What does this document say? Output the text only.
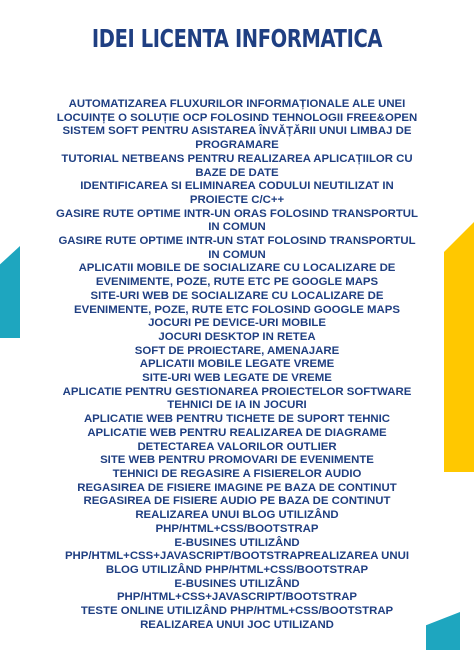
IDEI LICENTA INFORMATICA
AUTOMATIZAREA FLUXURILOR INFORMAȚIONALE ALE UNEI
LOCUINȚE O SOLUȚIE OCP FOLOSIND TEHNOLOGII FREE&OPEN
SISTEM SOFT PENTRU ASISTAREA ÎNVĂȚĂRII UNUI LIMBAJ DE
PROGRAMARE
TUTORIAL NETBEANS PENTRU REALIZAREA APLICAȚIILOR CU
BAZE DE DATE
IDENTIFICAREA SI ELIMINAREA CODULUI NEUTILIZAT IN
PROIECTE C/C++
GASIRE RUTE OPTIME INTR-UN ORAS FOLOSIND TRANSPORTUL
IN COMUN
GASIRE RUTE OPTIME INTR-UN STAT FOLOSIND TRANSPORTUL
IN COMUN
APLICATII MOBILE DE SOCIALIZARE CU LOCALIZARE DE
EVENIMENTE, POZE, RUTE ETC PE GOOGLE MAPS
SITE-URI WEB DE SOCIALIZARE CU LOCALIZARE DE
EVENIMENTE, POZE, RUTE ETC FOLOSIND GOOGLE MAPS
JOCURI PE DEVICE-URI MOBILE
JOCURI DESKTOP IN RETEA
SOFT DE PROIECTARE, AMENAJARE
APLICATII MOBILE LEGATE VREME
SITE-URI WEB LEGATE DE VREME
APLICATIE PENTRU GESTIONAREA PROIECTELOR SOFTWARE
TEHNICI DE IA IN JOCURI
APLICATIE WEB PENTRU TICHETE DE SUPORT TEHNIC
APLICATIE WEB PENTRU REALIZAREA DE DIAGRAME
DETECTAREA VALORILOR OUTLIER
SITE WEB PENTRU PROMOVARI DE EVENIMENTE
TEHNICI DE REGASIRE A FISIERELOR AUDIO
REGASIREA DE FISIERE IMAGINE PE BAZA DE CONTINUT
REGASIREA DE FISIERE AUDIO PE BAZA DE CONTINUT
REALIZAREA UNUI BLOG UTILIZÂND
PHP/HTML+CSS/BOOTSTRAP
E-BUSINES UTILIZÂND
PHP/HTML+CSS+JAVASCRIPT/BOOTSTRAPREALIZAREA UNUI
BLOG UTILIZÂND PHP/HTML+CSS/BOOTSTRAP
E-BUSINES UTILIZÂND
PHP/HTML+CSS+JAVASCRIPT/BOOTSTRAP
TESTE ONLINE UTILIZÂND PHP/HTML+CSS/BOOTSTRAP
REALIZAREA UNUI JOC UTILIZAND
